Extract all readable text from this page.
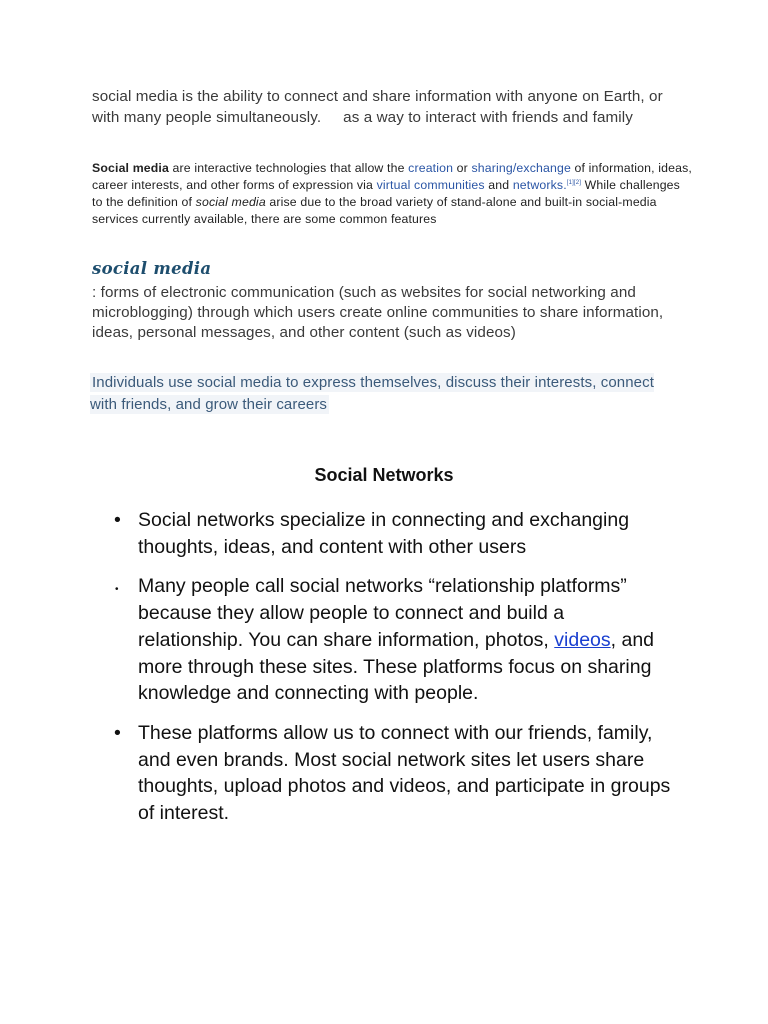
social media is the ability to connect and share information with anyone on Earth, or with many people simultaneously. as a way to interact with friends and family
Social media are interactive technologies that allow the creation or sharing/exchange of information, ideas, career interests, and other forms of expression via virtual communities and networks.[1][2] While challenges to the definition of social media arise due to the broad variety of stand-alone and built-in social-media services currently available, there are some common features
social media
: forms of electronic communication (such as websites for social networking and microblogging) through which users create online communities to share information, ideas, personal messages, and other content (such as videos)
Individuals use social media to express themselves, discuss their interests, connect with friends, and grow their careers
Social Networks
• Social networks specialize in connecting and exchanging thoughts, ideas, and content with other users
• Many people call social networks “relationship platforms” because they allow people to connect and build a relationship. You can share information, photos, videos, and more through these sites. These platforms focus on sharing knowledge and connecting with people.
• These platforms allow us to connect with our friends, family, and even brands. Most social network sites let users share thoughts, upload photos and videos, and participate in groups of interest.
